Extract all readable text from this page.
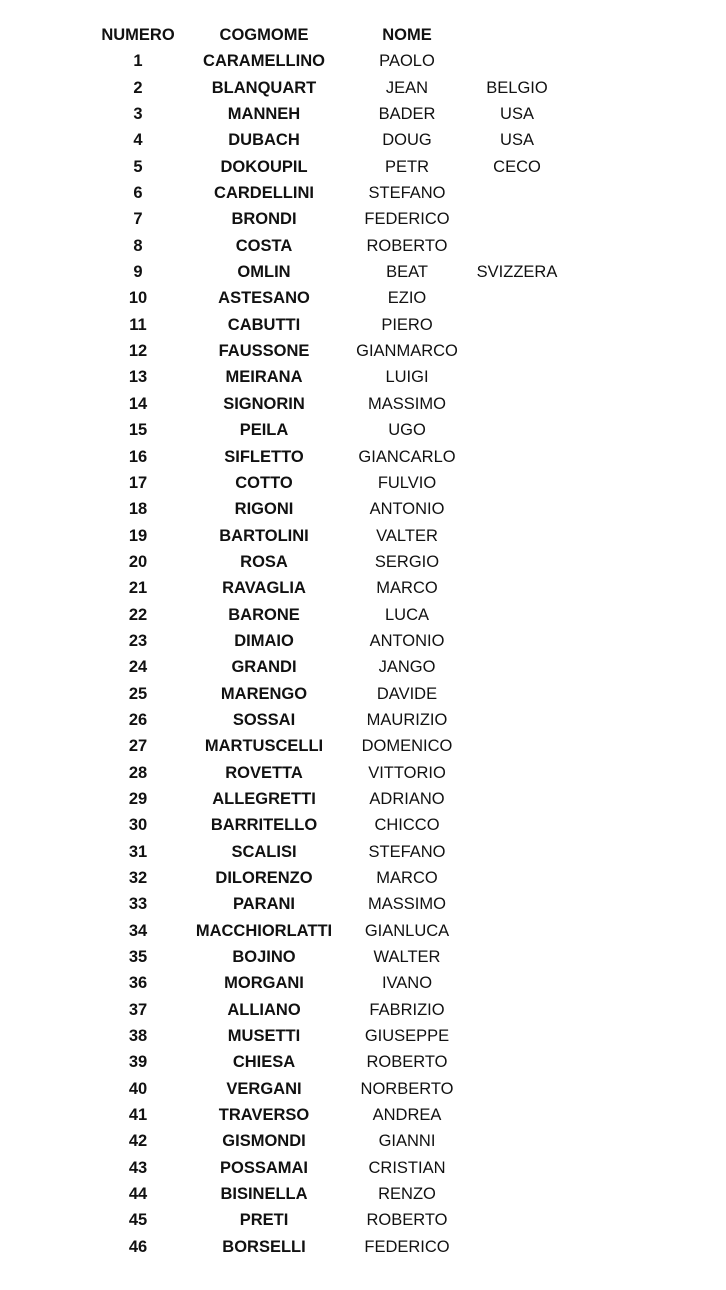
NUMERO	COGMOME	NOME
1	CARAMELLINO	PAOLO
2	BLANQUART	JEAN	BELGIO
3	MANNEH	BADER	USA
4	DUBACH	DOUG	USA
5	DOKOUPIL	PETR	CECO
6	CARDELLINI	STEFANO
7	BRONDI	FEDERICO
8	COSTA	ROBERTO
9	OMLIN	BEAT	SVIZZERA
10	ASTESANO	EZIO
11	CABUTTI	PIERO
12	FAUSSONE	GIANMARCO
13	MEIRANA	LUIGI
14	SIGNORIN	MASSIMO
15	PEILA	UGO
16	SIFLETTO	GIANCARLO
17	COTTO	FULVIO
18	RIGONI	ANTONIO
19	BARTOLINI	VALTER
20	ROSA	SERGIO
21	RAVAGLIA	MARCO
22	BARONE	LUCA
23	DIMAIO	ANTONIO
24	GRANDI	JANGO
25	MARENGO	DAVIDE
26	SOSSAI	MAURIZIO
27	MARTUSCELLI	DOMENICO
28	ROVETTA	VITTORIO
29	ALLEGRETTI	ADRIANO
30	BARRITELLO	CHICCO
31	SCALISI	STEFANO
32	DILORENZO	MARCO
33	PARANI	MASSIMO
34	MACCHIORLATTI	GIANLUCA
35	BOJINO	WALTER
36	MORGANI	IVANO
37	ALLIANO	FABRIZIO
38	MUSETTI	GIUSEPPE
39	CHIESA	ROBERTO
40	VERGANI	NORBERTO
41	TRAVERSO	ANDREA
42	GISMONDI	GIANNI
43	POSSAMAI	CRISTIAN
44	BISINELLA	RENZO
45	PRETI	ROBERTO
46	BORSELLI	FEDERICO
